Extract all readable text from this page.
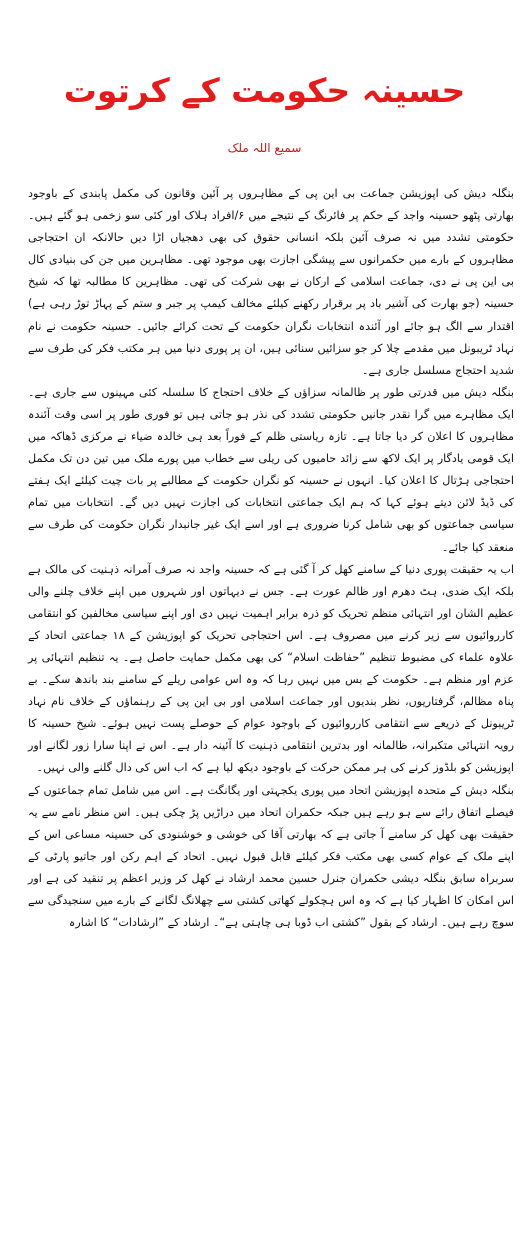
حسینہ حکومت کے کرتوت
سمیع اللہ ملک

بنگلہ دیش کی اپوزیشن جماعت بی این پی کے مظاہروں پر آئین وقانون کی مکمل پابندی کے باوجود بھارتی پٹھو حسینہ واجد کے حکم پر فائرنگ کے نتیجے میں ۶/افراد ہلاک اور کئی سو زخمی ہو گئے ہیں۔ حکومتی تشدد میں نہ صرف آئین بلکہ انسانی حقوق کی بھی دھجیاں اڑا دیں حالانکہ ان احتجاجی مظاہروں کے بارے میں حکمرانوں سے پیشگی اجازت بھی موجود تھی۔ مظاہرین میں جن کی بنیادی کال بی این پی نے دی، جماعت اسلامی کے ارکان نے بھی شرکت کی تھی۔ مظاہرین کا مطالبہ تھا کہ شیخ حسینہ (جو بھارت کی آشیر باد پر برقرار رکھنے کیلئے مخالف کیمپ پر جبر و ستم کے پہاڑ توڑ رہی ہے) اقتدار سے الگ ہو جائے اور آئندہ انتخابات نگران حکومت کے تحت کرائے جائیں۔ حسینہ حکومت نے نام نہاد ٹریبونل میں مقدمے چلا کر جو سزائیں سنائی ہیں، ان پر پوری دنیا میں ہر مکتب فکر کی طرف سے شدید احتجاج مسلسل جاری ہے۔

بنگلہ دیش میں قدرتی طور پر ظالمانہ سزاؤں کے خلاف احتجاج کا سلسلہ کئی مہینوں سے جاری ہے۔ ایک مظاہرے میں گرا نقدر جانیں حکومتی تشدد کی نذر ہو جاتی ہیں تو فوری طور پر اسی وقت آئندہ مظاہروں کا اعلان کر دیا جاتا ہے۔ تازہ ریاستی ظلم کے فوراً بعد ہی خالدہ ضیاء نے مرکزی ڈھاکہ میں ایک قومی یادگار پر ایک لاکھ سے زائد حامیوں کی ریلی سے خطاب میں پورے ملک میں تین دن تک مکمل احتجاجی ہڑتال کا اعلان کیا۔ انہوں نے حسینہ کو نگران حکومت کے مطالبے پر بات چیت کیلئے ایک ہفتے کی ڈیڈ لائن دیتے ہوئے کہا کہ ہم ایک جماعتی انتخابات کی اجازت نہیں دیں گے۔ انتخابات میں تمام سیاسی جماعتوں کو بھی شامل کرنا ضروری ہے اور اسے ایک غیر جانبدار نگران حکومت کی طرف سے منعقد کیا جائے۔

اب یہ حقیقت پوری دنیا کے سامنے کھل کر آ گئی ہے کہ حسینہ واجد نہ صرف آمرانہ ذہنیت کی مالک ہے بلکہ ایک ضدی، ہٹ دھرم اور ظالم عورت ہے۔ جس نے دیہاتوں اور شہروں میں اپنے خلاف چلنے والی عظیم الشان اور انتہائی منظم تحریک کو ذرہ برابر اہمیت نہیں دی اور اپنے سیاسی مخالفین کو انتقامی کارروائیوں سے زیر کرنے میں مصروف ہے۔ اس احتجاجی تحریک کو اپوزیشن کے ۱۸ جماعتی اتحاد کے علاوہ علماء کی مضبوط تنظیم ”حفاظت اسلام“ کی بھی مکمل حمایت حاصل ہے۔ یہ تنظیم انتہائی پر عزم اور منظم ہے۔ حکومت کے بس میں نہیں رہا کہ وہ اس عوامی ریلے کے سامنے بند باندھ سکے۔ بے پناہ مظالم، گرفتاریوں، نظر بندیوں اور جماعت اسلامی اور بی این پی کے رہنماؤں کے خلاف نام نہاد ٹریبونل کے ذریعے سے انتقامی کارروائیوں کے باوجود عوام کے حوصلے پست نہیں ہوئے۔ شیخ حسینہ کا رویہ انتہائی متکبرانہ، ظالمانہ اور بدترین انتقامی ذہنیت کا آئینہ دار ہے۔ اس نے اپنا سارا زور لگانے اور اپوزیشن کو بلڈوز کرنے کی ہر ممکن حرکت کے باوجود دیکھ لیا ہے کہ اب اس کی دال گلنے والی نہیں۔

بنگلہ دیش کے متحدہ اپوزیشن اتحاد میں پوری یکجہتی اور یگانگت ہے۔ اس میں شامل تمام جماعتوں کے فیصلے اتفاق رائے سے ہو رہے ہیں جبکہ حکمران اتحاد میں دراڑیں پڑ چکی ہیں۔ اس منظر نامے سے یہ حقیقت بھی کھل کر سامنے آ جاتی ہے کہ بھارتی آقا کی خوشی و خوشنودی کی حسینہ مساعی اس کے اپنے ملک کے عوام کسی بھی مکتب فکر کیلئے قابل قبول نہیں۔ اتحاد کے اہم رکن اور جاتیو پارٹی کے سربراہ سابق بنگلہ دیشی حکمران جنرل حسین محمد ارشاد نے کھل کر وزیر اعظم پر تنقید کی ہے اور اس امکان کا اظہار کیا ہے کہ وہ اس ہچکولے کھاتی کشتی سے چھلانگ لگانے کے بارے میں سنجیدگی سے سوچ رہے ہیں۔ ارشاد کے بقول ”کشتی اب ڈوبا ہی چاہتی ہے“۔ ارشاد کے ”ارشادات“ کا اشارہ
